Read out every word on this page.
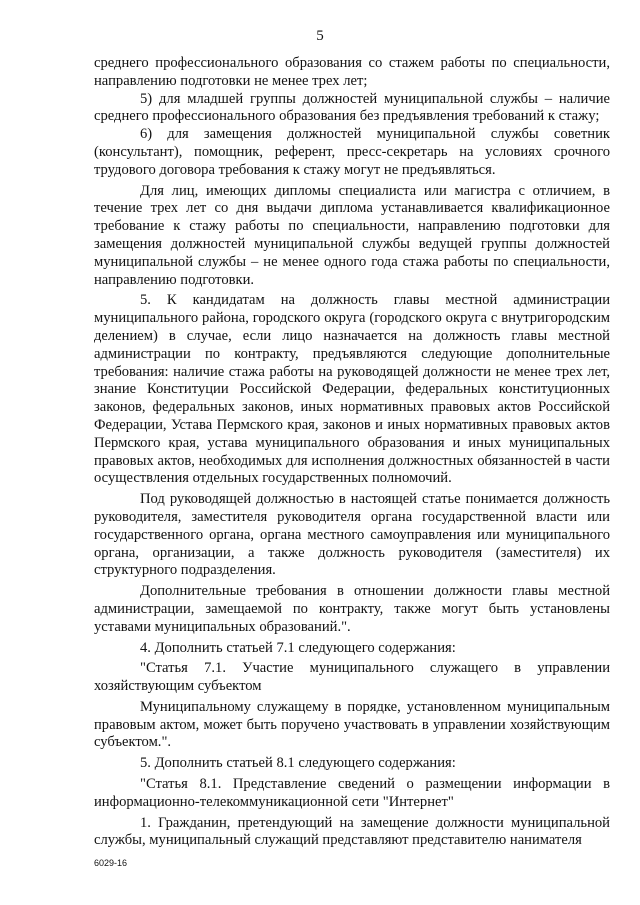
5

среднего профессионального образования со стажем работы по специальности, направлению подготовки не менее трех лет;

5) для младшей группы должностей муниципальной службы – наличие среднего профессионального образования без предъявления требований к стажу;

6) для замещения должностей муниципальной службы советник (консультант), помощник, референт, пресс-секретарь на условиях срочного трудового договора требования к стажу могут не предъявляться.

Для лиц, имеющих дипломы специалиста или магистра с отличием, в течение трех лет со дня выдачи диплома устанавливается квалификационное требование к стажу работы по специальности, направлению подготовки для замещения должностей муниципальной службы ведущей группы должностей муниципальной службы – не менее одного года стажа работы по специальности, направлению подготовки.

5. К кандидатам на должность главы местной администрации муниципального района, городского округа (городского округа с внутригородским делением) в случае, если лицо назначается на должность главы местной администрации по контракту, предъявляются следующие дополнительные требования: наличие стажа работы на руководящей должности не менее трех лет, знание Конституции Российской Федерации, федеральных конституционных законов, федеральных законов, иных нормативных правовых актов Российской Федерации, Устава Пермского края, законов и иных нормативных правовых актов Пермского края, устава муниципального образования и иных муниципальных правовых актов, необходимых для исполнения должностных обязанностей в части осуществления отдельных государственных полномочий.

Под руководящей должностью в настоящей статье понимается должность руководителя, заместителя руководителя органа государственной власти или государственного органа, органа местного самоуправления или муниципального органа, организации, а также должность руководителя (заместителя) их структурного подразделения.

Дополнительные требования в отношении должности главы местной администрации, замещаемой по контракту, также могут быть установлены уставами муниципальных образований.".

4. Дополнить статьей 7.1 следующего содержания:

"Статья 7.1. Участие муниципального служащего в управлении хозяйствующим субъектом

Муниципальному служащему в порядке, установленном муниципальным правовым актом, может быть поручено участвовать в управлении хозяйствующим субъектом.".

5. Дополнить статьей 8.1 следующего содержания:

"Статья 8.1. Представление сведений о размещении информации в информационно-телекоммуникационной сети "Интернет"

1. Гражданин, претендующий на замещение должности муниципальной службы, муниципальный служащий представляют представителю нанимателя

6029-16
